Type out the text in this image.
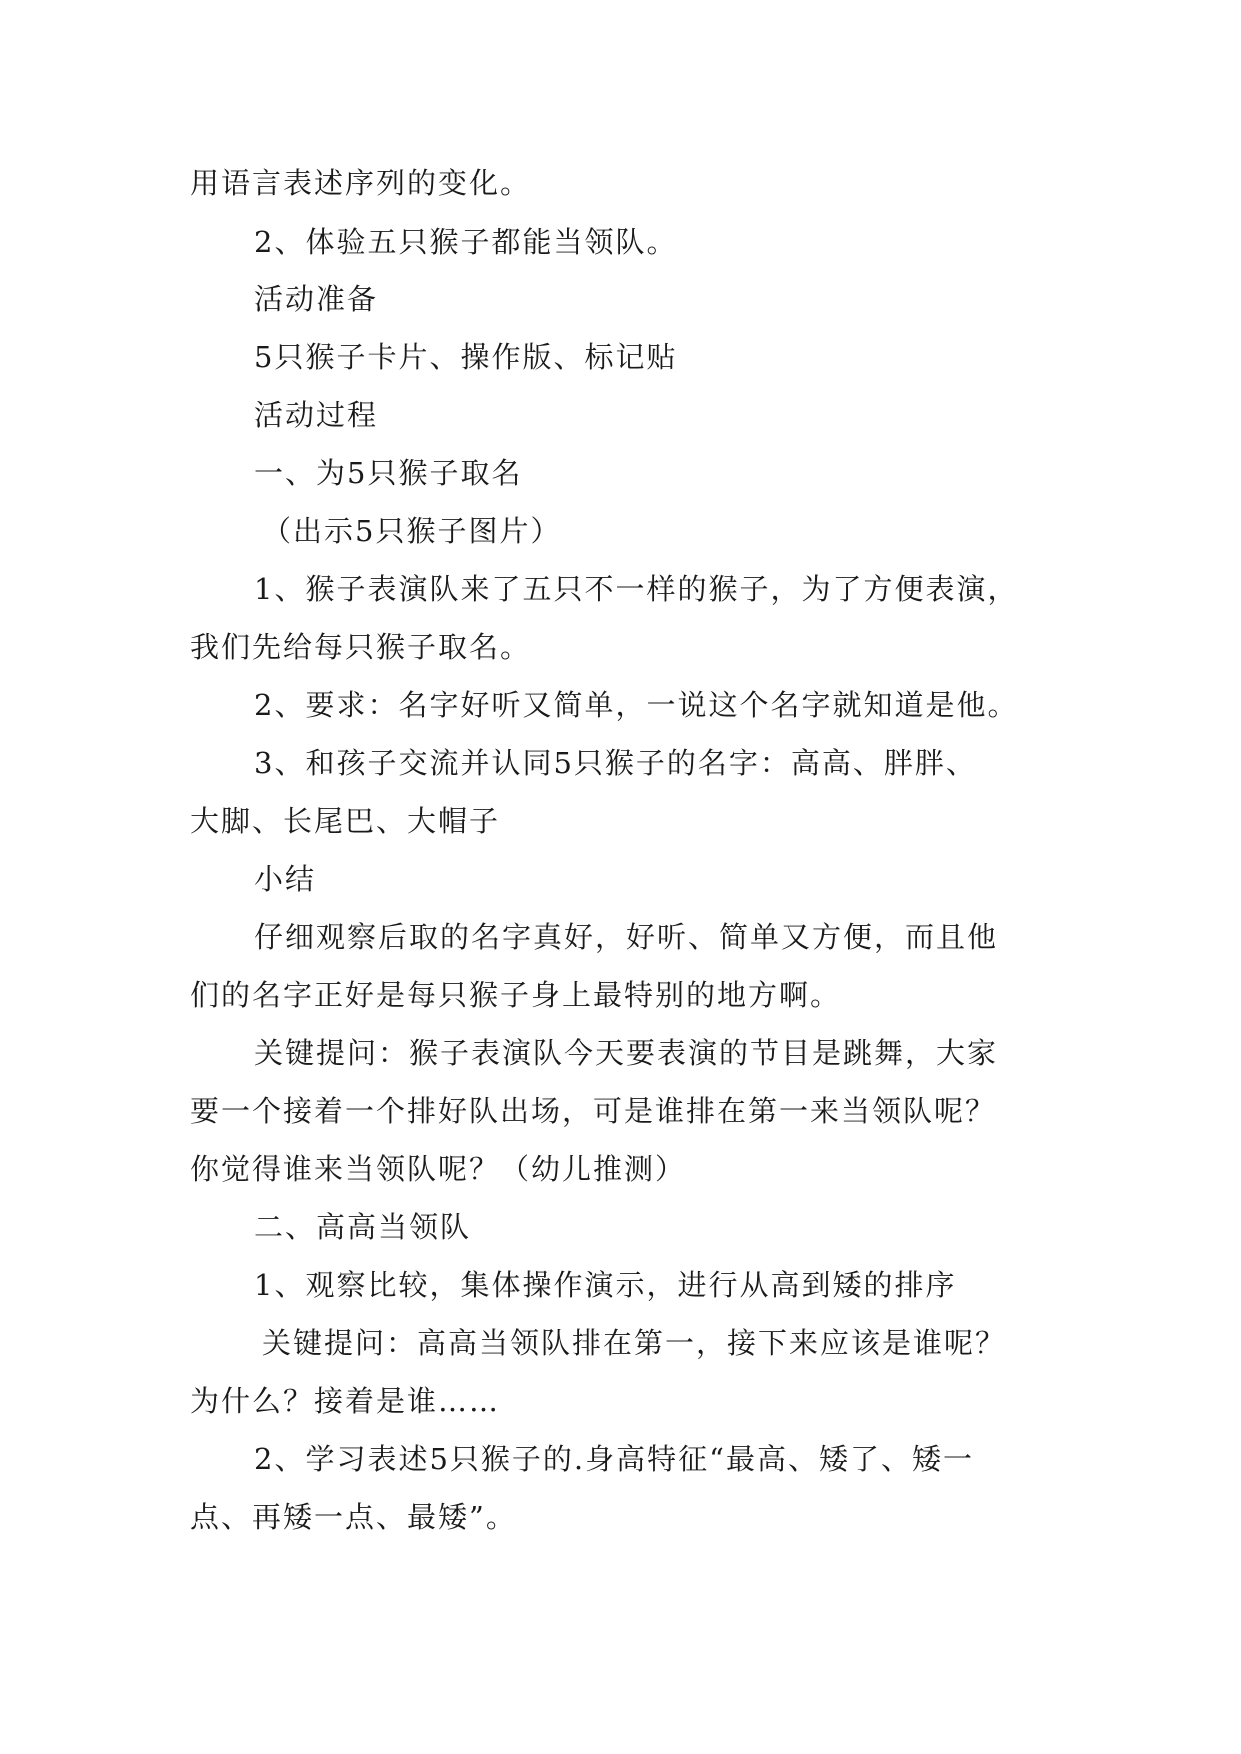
用语言表述序列的变化。
2、体验五只猴子都能当领队。
活动准备
5只猴子卡片、操作版、标记贴
活动过程
一、为5只猴子取名
（出示5只猴子图片）
1、猴子表演队来了五只不一样的猴子，为了方便表演，
我们先给每只猴子取名。
2、要求：名字好听又简单，一说这个名字就知道是他。
3、和孩子交流并认同5只猴子的名字：高高、胖胖、
大脚、长尾巴、大帽子
小结
仔细观察后取的名字真好，好听、简单又方便，而且他
们的名字正好是每只猴子身上最特别的地方啊。
关键提问：猴子表演队今天要表演的节目是跳舞，大家
要一个接着一个排好队出场，可是谁排在第一来当领队呢？
你觉得谁来当领队呢？（幼儿推测）
二、高高当领队
1、观察比较，集体操作演示，进行从高到矮的排序
关键提问：高高当领队排在第一，接下来应该是谁呢？
为什么？接着是谁……
2、学习表述5只猴子的.身高特征“最高、矮了、矮一
点、再矮一点、最矮”。
